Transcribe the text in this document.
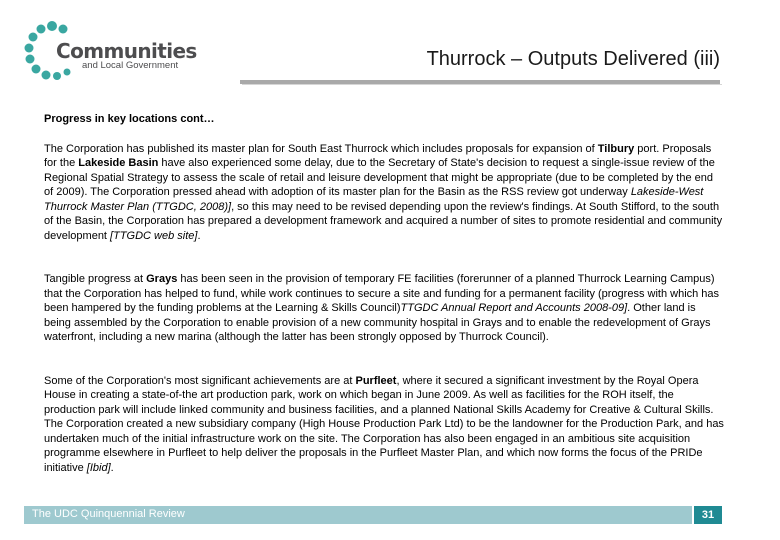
Communities
and Local Government	Thurrock – Outputs Delivered (iii)
Progress in key locations cont…

The Corporation has published its master plan for South East Thurrock which includes proposals for expansion of Tilbury port. Proposals for the Lakeside Basin have also experienced some delay, due to the Secretary of State's decision to request a single-issue review of the Regional Spatial Strategy to assess the scale of retail and leisure development that might be appropriate (due to be completed by the end of 2009). The Corporation pressed ahead with adoption of its master plan for the Basin as the RSS review got underway Lakeside-West Thurrock Master Plan (TTGDC, 2008)], so this may need to be revised depending upon the review's findings. At South Stifford, to the south of the Basin, the Corporation has prepared a development framework and acquired a number of sites to promote residential and community development [TTGDC web site].

Tangible progress at Grays has been seen in the provision of temporary FE facilities (forerunner of a planned Thurrock Learning Campus) that the Corporation has helped to fund, while work continues to secure a site and funding for a permanent facility (progress with which has been hampered by the funding problems at the Learning & Skills Council)TTGDC Annual Report and Accounts 2008-09]. Other land is being assembled by the Corporation to enable provision of a new community hospital in Grays and to enable the redevelopment of Grays waterfront, including a new marina (although the latter has been strongly opposed by Thurrock Council).

Some of the Corporation's most significant achievements are at Purfleet, where it secured a significant investment by the Royal Opera House in creating a state-of-the art production park, work on which began in June 2009. As well as facilities for the ROH itself, the production park will include linked community and business facilities, and a planned National Skills Academy for Creative & Cultural Skills. The Corporation created a new subsidiary company (High House Production Park Ltd) to be the landowner for the Production Park, and has undertaken much of the initial infrastructure work on the site. The Corporation has also been engaged in an ambitious site acquisition programme elsewhere in Purfleet to help deliver the proposals in the Purfleet Master Plan, and which now forms the focus of the PRIDe initiative [Ibid].

The UDC Quinquennial Review	31
